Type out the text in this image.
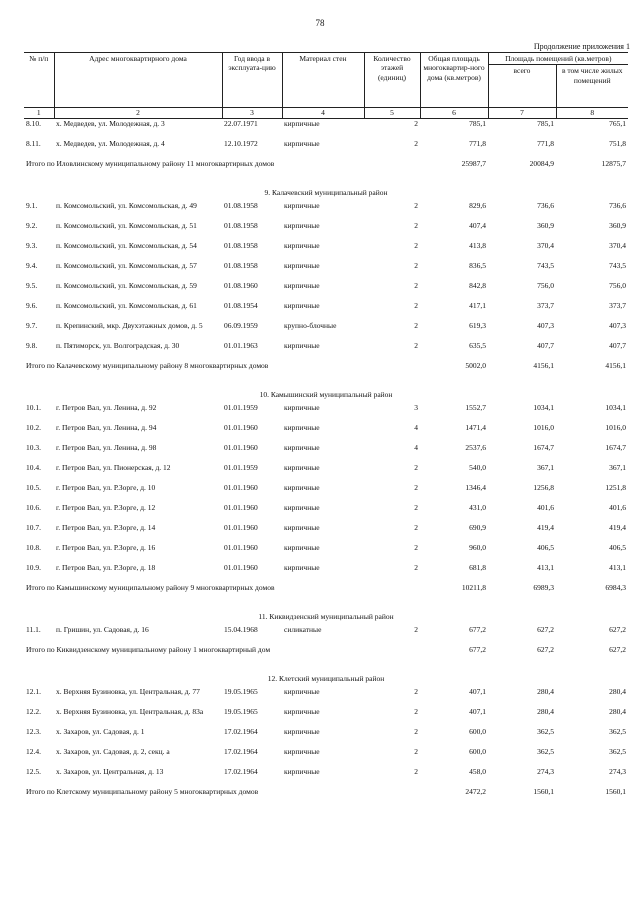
78
Продолжение приложения 1
№ п/п	Адрес многоквартирного дома	Год ввода в эксплуата-цию	Материал стен	Количество этажей (единиц)	Общая площадь многоквартир-ного дома (кв.метров)	Площадь помещений (кв.метров)	
						всего	в том числе жилых помещений
1	2	3	4	5	6	7	8
8.10.	х. Медведев, ул. Молодежная, д. 3	22.07.1971	кирпичные	2	785,1	785,1	765,1
8.11.	х. Медведев, ул. Молодежная, д. 4	12.10.1972	кирпичные	2	771,8	771,8	751,8
Итого по Иловлинскому муниципальному району 11 многоквартирных домов					25987,7	20084,9	12875,7
9. Калачевский муниципальный район							
9.1.	п. Комсомольский, ул. Комсомольская, д. 49	01.08.1958	кирпичные	2	829,6	736,6	736,6
9.2.	п. Комсомольский, ул. Комсомольская, д. 51	01.08.1958	кирпичные	2	407,4	360,9	360,9
9.3.	п. Комсомольский, ул. Комсомольская, д. 54	01.08.1958	кирпичные	2	413,8	370,4	370,4
9.4.	п. Комсомольский, ул. Комсомольская, д. 57	01.08.1958	кирпичные	2	836,5	743,5	743,5
9.5.	п. Комсомольский, ул. Комсомольская, д. 59	01.08.1960	кирпичные	2	842,8	756,0	756,0
9.6.	п. Комсомольский, ул. Комсомольская, д. 61	01.08.1954	кирпичные	2	417,1	373,7	373,7
9.7.	п. Крепинский, мкр. Двухэтажных домов, д. 5	06.09.1959	крупно-блочные	2	619,3	407,3	407,3
9.8.	п. Пятиморск, ул. Волгоградская, д. 30	01.01.1963	кирпичные	2	635,5	407,7	407,7
Итого по Калачевскому муниципальному району 8 многоквартирных домов					5002,0	4156,1	4156,1
10. Камышинский муниципальный район							
10.1.	г. Петров Вал, ул. Ленина, д. 92	01.01.1959	кирпичные	3	1552,7	1034,1	1034,1
10.2.	г. Петров Вал, ул. Ленина, д. 94	01.01.1960	кирпичные	4	1471,4	1016,0	1016,0
10.3.	г. Петров Вал, ул. Ленина, д. 98	01.01.1960	кирпичные	4	2537,6	1674,7	1674,7
10.4.	г. Петров Вал, ул. Пионерская, д. 12	01.01.1959	кирпичные	2	540,0	367,1	367,1
10.5.	г. Петров Вал, ул. Р.Зорге, д. 10	01.01.1960	кирпичные	2	1346,4	1256,8	1251,8
10.6.	г. Петров Вал, ул. Р.Зорге, д. 12	01.01.1960	кирпичные	2	431,0	401,6	401,6
10.7.	г. Петров Вал, ул. Р.Зорге, д. 14	01.01.1960	кирпичные	2	690,9	419,4	419,4
10.8.	г. Петров Вал, ул. Р.Зорге, д. 16	01.01.1960	кирпичные	2	960,0	406,5	406,5
10.9.	г. Петров Вал, ул. Р.Зорге, д. 18	01.01.1960	кирпичные	2	681,8	413,1	413,1
Итого по Камышинскому муниципальному району 9 многоквартирных домов					10211,8	6989,3	6984,3
11. Киквидзенский муниципальный район							
11.1.	п. Гришин, ул. Садовая, д. 16	15.04.1968	силикатные	2	677,2	627,2	627,2
Итого по Киквидзенскому муниципальному району 1 многоквартирный дом					677,2	627,2	627,2
12. Клетский муниципальный район							
12.1.	х. Верхняя Бузиновка, ул. Центральная, д. 77	19.05.1965	кирпичные	2	407,1	280,4	280,4
12.2.	х. Верхняя Бузиновка, ул. Центральная, д. 83а	19.05.1965	кирпичные	2	407,1	280,4	280,4
12.3.	х. Захаров, ул. Садовая, д. 1	17.02.1964	кирпичные	2	600,0	362,5	362,5
12.4.	х. Захаров, ул. Садовая, д. 2, секц. а	17.02.1964	кирпичные	2	600,0	362,5	362,5
12.5.	х. Захаров, ул. Центральная, д. 13	17.02.1964	кирпичные	2	458,0	274,3	274,3
Итого по Клетскому муниципальному району 5 многоквартирных домов					2472,2	1560,1	1560,1
